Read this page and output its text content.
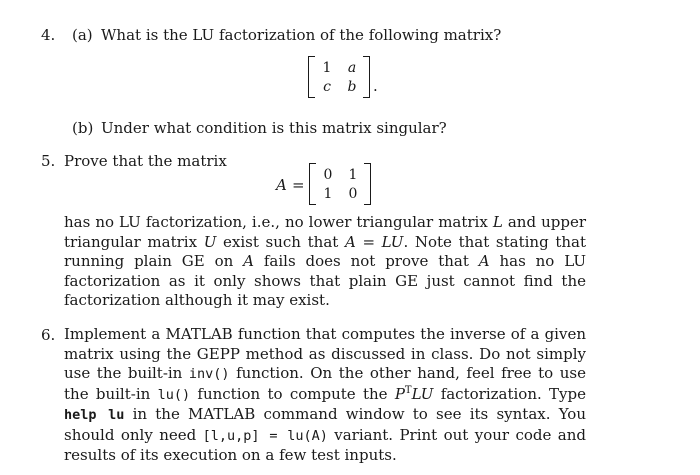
4. (a) What is the LU factorization of the following matrix?
1 a
c b .
(b) Under what condition is this matrix singular?
5. Prove that the matrix
A =
0 1
1 0
has no LU factorization, i.e., no lower triangular matrix L and upper triangular matrix U exist such that A = LU. Note that stating that running plain GE on A fails does not prove that A has no LU factorization as it only shows that plain GE just cannot find the factorization although it may exist.
6. Implement a MATLAB function that computes the inverse of a given matrix using the GEPP method as discussed in class. Do not simply use the built-in inv() function. On the other hand, feel free to use the built-in lu() function to compute the $P^TLU$ factorization. Type help lu in the MATLAB command window to see its syntax. You should only need [l,u,p] = lu(A) variant. Print out your code and results of its execution on a few test inputs.
